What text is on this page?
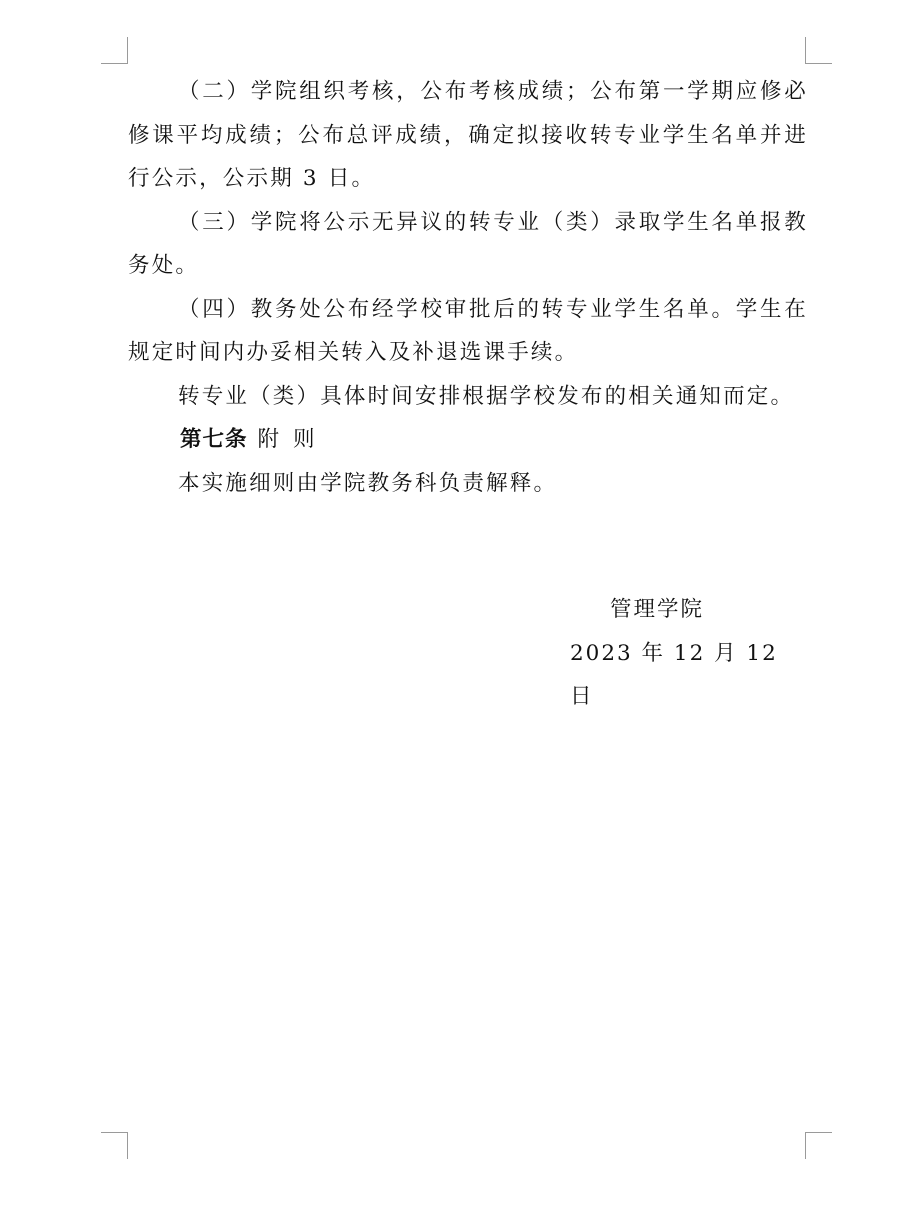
（二）学院组织考核，公布考核成绩；公布第一学期应修必修课平均成绩；公布总评成绩，确定拟接收转专业学生名单并进行公示，公示期 3 日。

（三）学院将公示无异议的转专业（类）录取学生名单报教务处。

（四）教务处公布经学校审批后的转专业学生名单。学生在规定时间内办妥相关转入及补退选课手续。

转专业（类）具体时间安排根据学校发布的相关通知而定。

第七条 附则

本实施细则由学院教务科负责解释。

管理学院
2023 年 12 月 12 日
